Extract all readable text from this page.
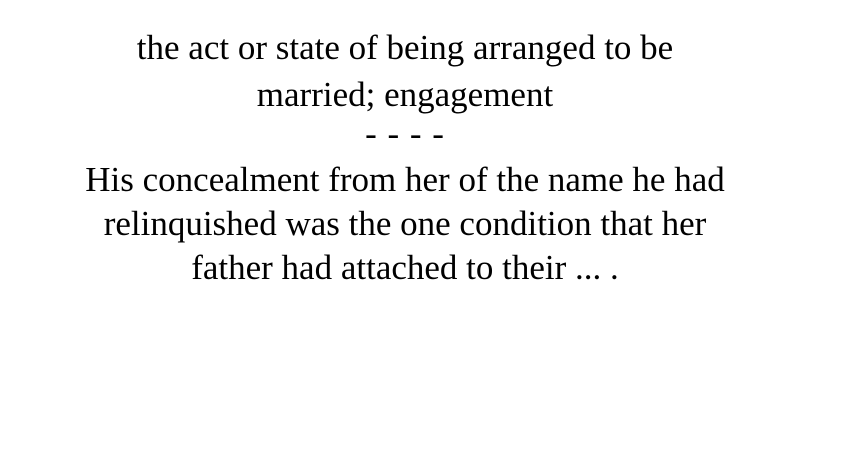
the act or state of being arranged to be
married; engagement
- - - -
His concealment from her of the name he had
relinquished was the one condition that her
father had attached to their ... .
